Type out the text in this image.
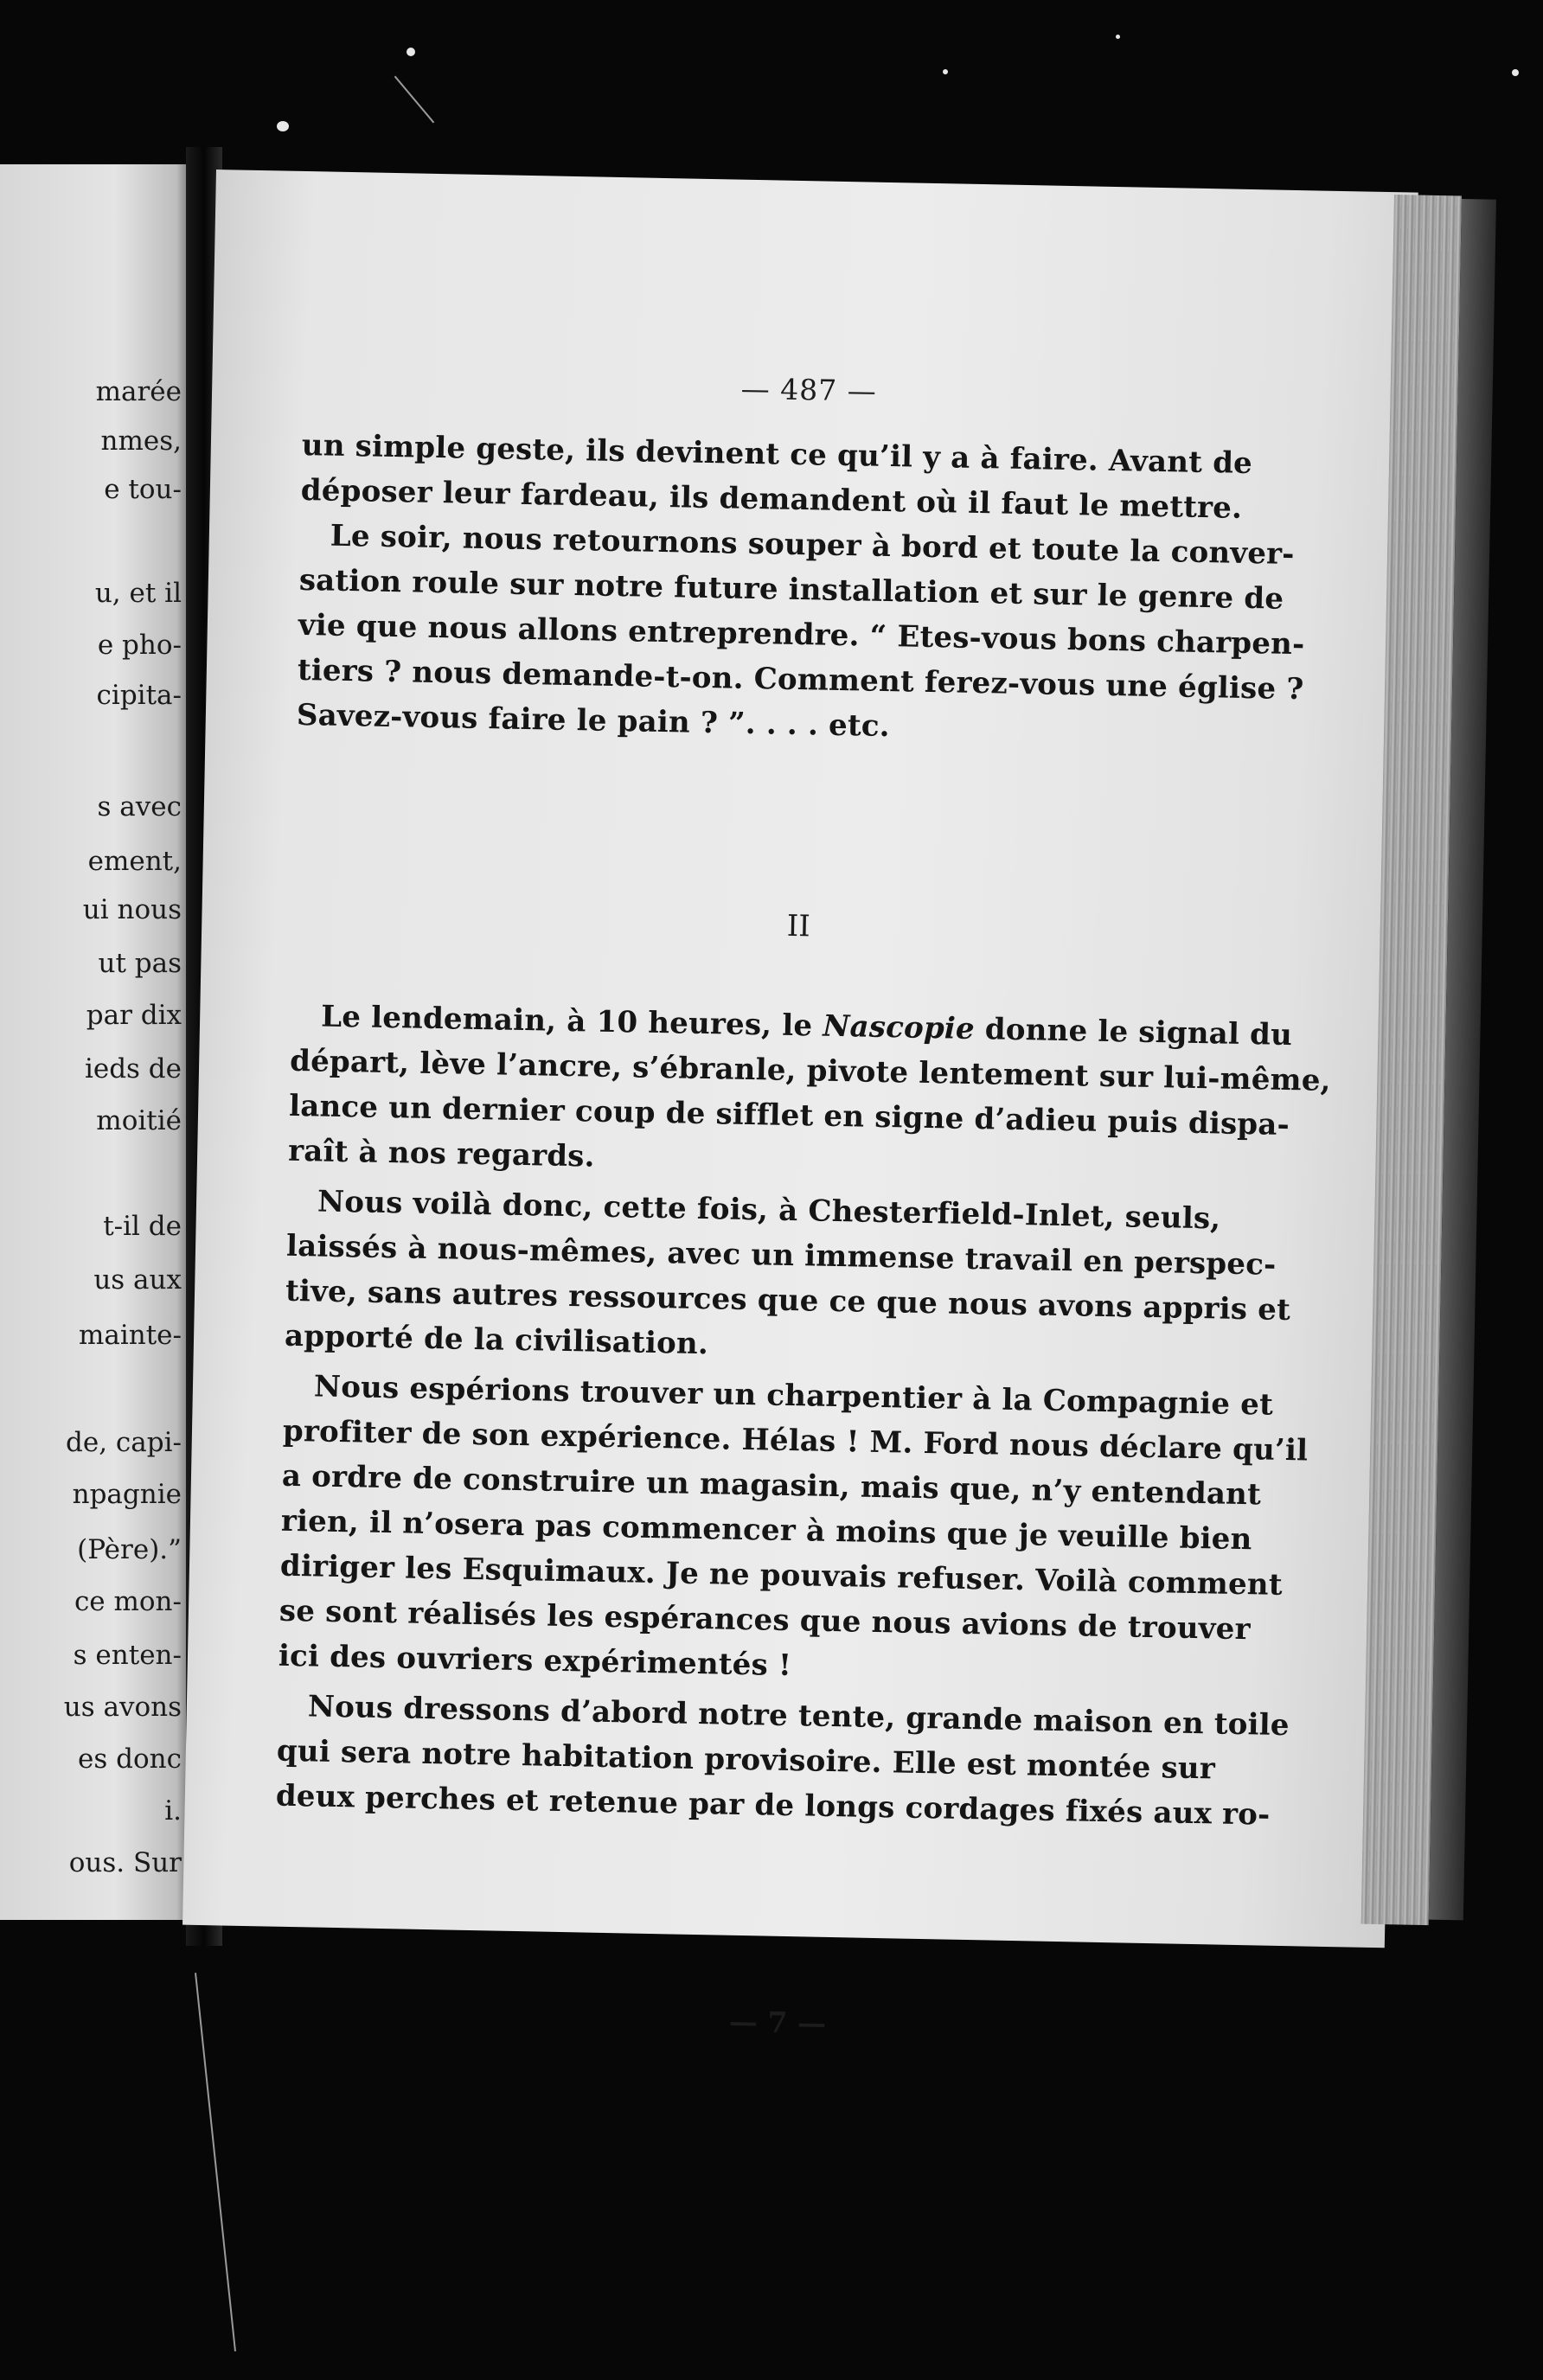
marée
nmes,
e tou-
u, et il
e pho-
cipita-
s avec
ement,
ui nous
ut pas
par dix
ieds de
moitié
t-il de
us aux
mainte-
de, capi-
npagnie
(Père).”
ce mon-
s enten-
us avons
es donc
i.
ous. Sur
— 487 —
un simple geste, ils devinent ce qu’il y a à faire. Avant de
déposer leur fardeau, ils demandent où il faut le mettre.
Le soir, nous retournons souper à bord et toute la conver-
sation roule sur notre future installation et sur le genre de
vie que nous allons entreprendre. “ Etes-vous bons charpen-
tiers ? nous demande-t-on. Comment ferez-vous une église ?
Savez-vous faire le pain ? ”. . . . etc.
II
Le lendemain, à 10 heures, le Nascopie donne le signal du
départ, lève l’ancre, s’ébranle, pivote lentement sur lui-même,
lance un dernier coup de sifflet en signe d’adieu puis dispa-
raît à nos regards.
Nous voilà donc, cette fois, à Chesterfield-Inlet, seuls,
laissés à nous-mêmes, avec un immense travail en perspec-
tive, sans autres ressources que ce que nous avons appris et
apporté de la civilisation.
Nous espérions trouver un charpentier à la Compagnie et
profiter de son expérience. Hélas ! M. Ford nous déclare qu’il
a ordre de construire un magasin, mais que, n’y entendant
rien, il n’osera pas commencer à moins que je veuille bien
diriger les Esquimaux. Je ne pouvais refuser. Voilà comment
se sont réalisés les espérances que nous avions de trouver
ici des ouvriers expérimentés !
Nous dressons d’abord notre tente, grande maison en toile
qui sera notre habitation provisoire. Elle est montée sur
deux perches et retenue par de longs cordages fixés aux ro-
— 7 —
